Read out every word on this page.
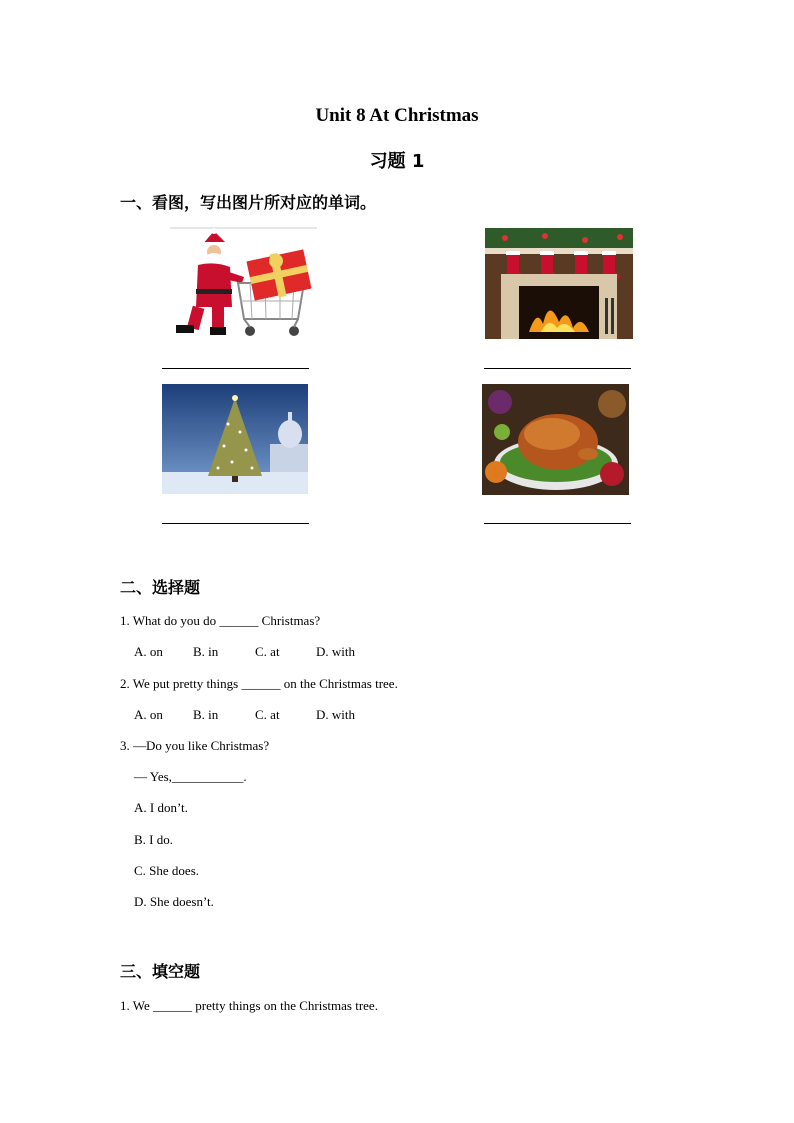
Unit 8 At Christmas
习题 1
一、看图，写出图片所对应的单词。
二、选择题
1. What do you do ______ Christmas?

A. on

B. in

	C. at

	D. with

2. We put pretty things ______ on the Christmas tree.

A. on

B. in

	C. at

	D. with

3. —Do you like Christmas?
— Yes,___________.
A. I don’t.
B. I do.
C. She does.
D. She doesn’t.
三、填空题
1. We ______ pretty things on the Christmas tree.
